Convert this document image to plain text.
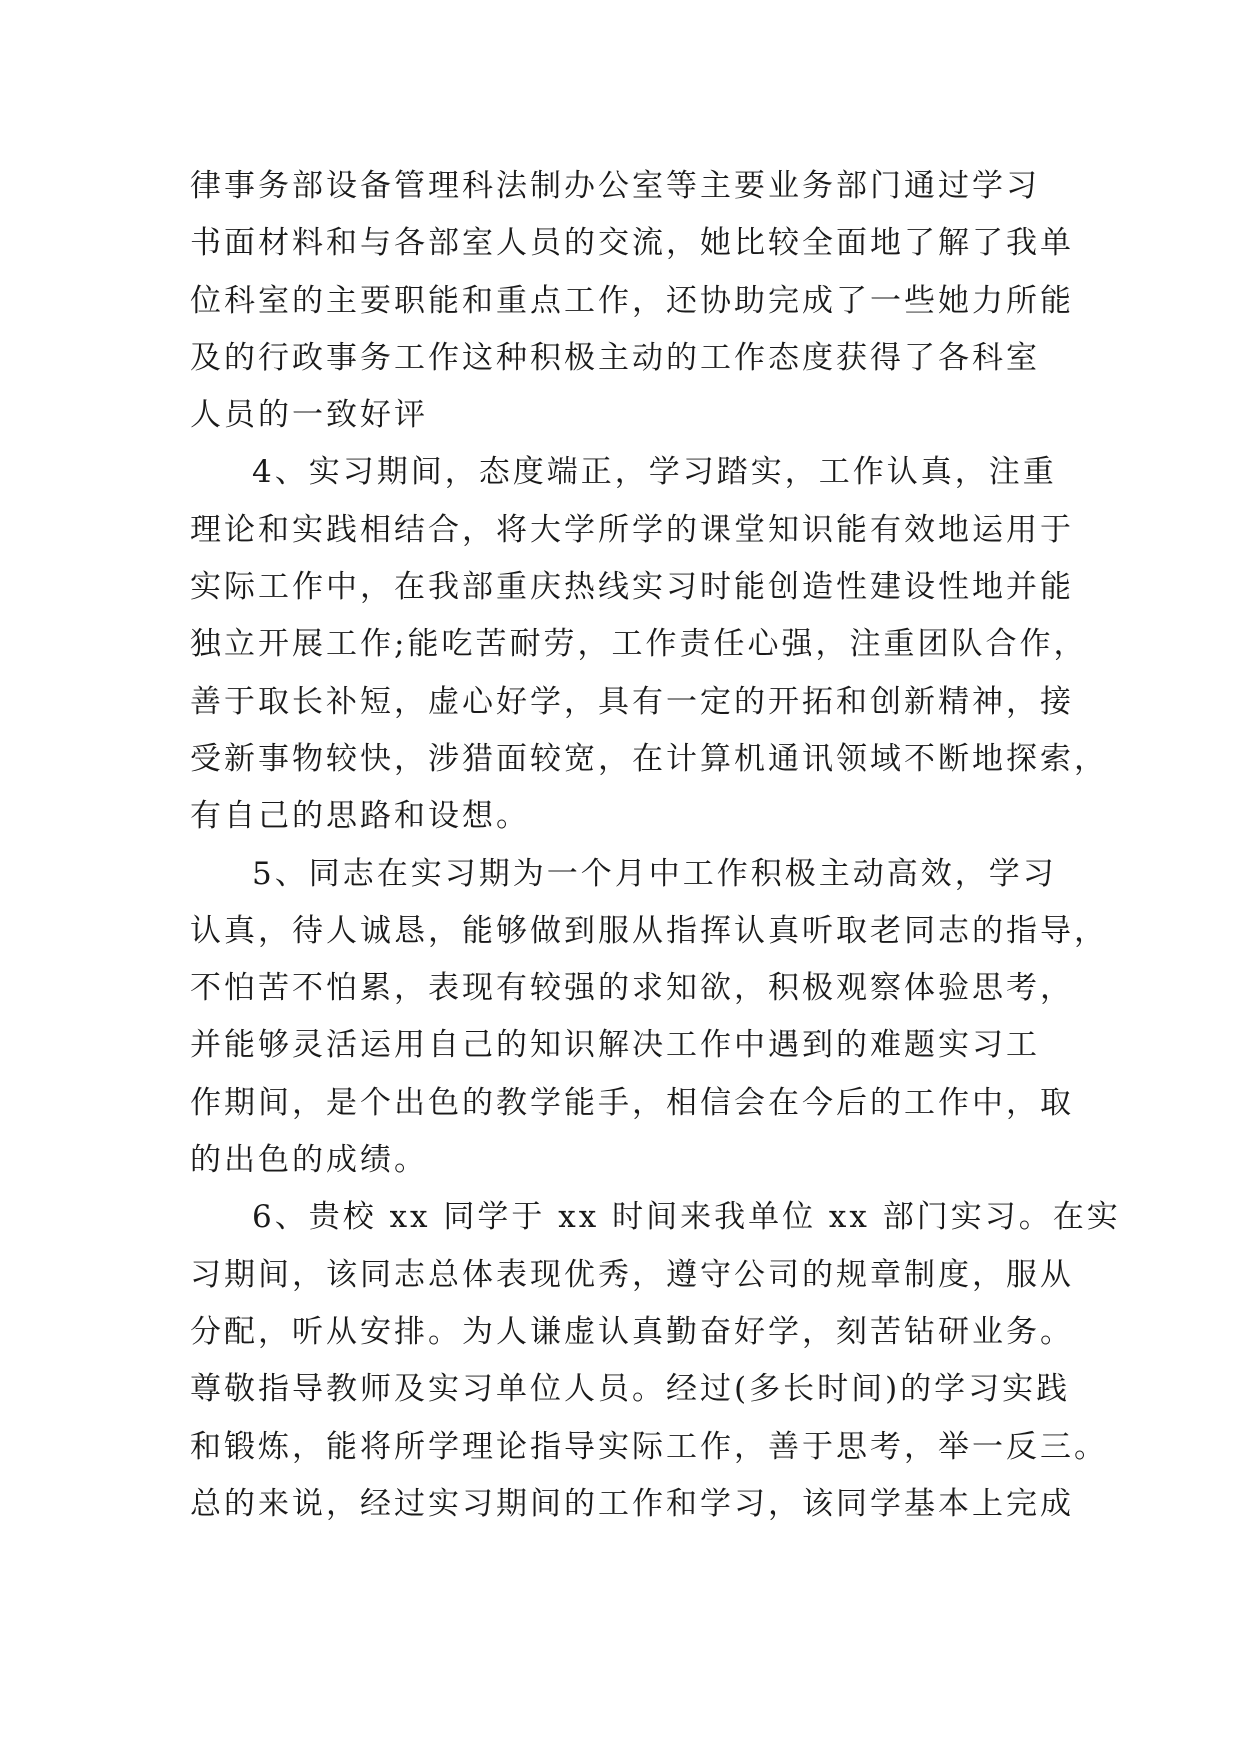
律事务部设备管理科法制办公室等主要业务部门通过学习
书面材料和与各部室人员的交流，她比较全面地了解了我单
位科室的主要职能和重点工作，还协助完成了一些她力所能
及的行政事务工作这种积极主动的工作态度获得了各科室
人员的一致好评
4、实习期间，态度端正，学习踏实，工作认真，注重
理论和实践相结合，将大学所学的课堂知识能有效地运用于
实际工作中，在我部重庆热线实习时能创造性建设性地并能
独立开展工作;能吃苦耐劳，工作责任心强，注重团队合作，
善于取长补短，虚心好学，具有一定的开拓和创新精神，接
受新事物较快，涉猎面较宽，在计算机通讯领域不断地探索，
有自己的思路和设想。
5、同志在实习期为一个月中工作积极主动高效，学习
认真，待人诚恳，能够做到服从指挥认真听取老同志的指导，
不怕苦不怕累，表现有较强的求知欲，积极观察体验思考，
并能够灵活运用自己的知识解决工作中遇到的难题实习工
作期间，是个出色的教学能手，相信会在今后的工作中，取
的出色的成绩。
6、贵校 xx 同学于 xx 时间来我单位 xx 部门实习。在实
习期间，该同志总体表现优秀，遵守公司的规章制度，服从
分配，听从安排。为人谦虚认真勤奋好学，刻苦钻研业务。
尊敬指导教师及实习单位人员。经过(多长时间)的学习实践
和锻炼，能将所学理论指导实际工作，善于思考，举一反三。
总的来说，经过实习期间的工作和学习，该同学基本上完成
